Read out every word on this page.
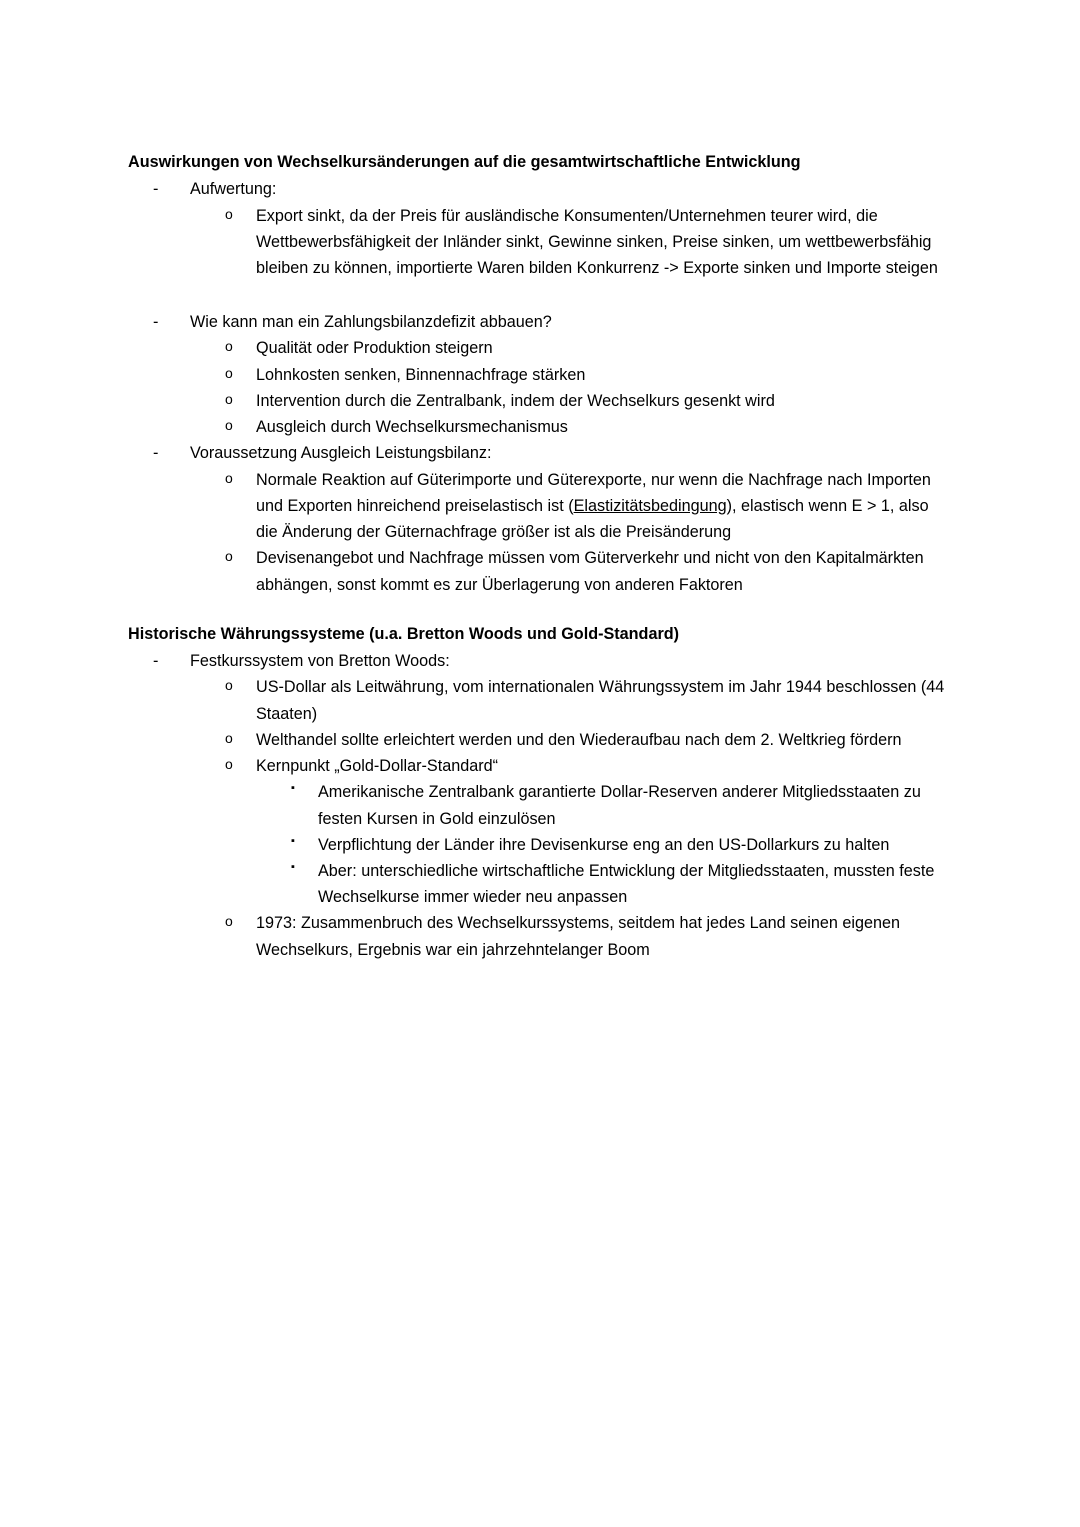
Auswirkungen von Wechselkursänderungen auf die gesamtwirtschaftliche Entwicklung
- Aufwertung:
o Export sinkt, da der Preis für ausländische Konsumenten/Unternehmen teurer wird, die Wettbewerbsfähigkeit der Inländer sinkt, Gewinne sinken, Preise sinken, um wettbewerbsfähig bleiben zu können, importierte Waren bilden Konkurrenz -> Exporte sinken und Importe steigen
- Wie kann man ein Zahlungsbilanzdefizit abbauen?
o Qualität oder Produktion steigern
o Lohnkosten senken, Binnennachfrage stärken
o Intervention durch die Zentralbank, indem der Wechselkurs gesenkt wird
o Ausgleich durch Wechselkursmechanismus
- Voraussetzung Ausgleich Leistungsbilanz:
o Normale Reaktion auf Güterimporte und Güterexporte, nur wenn die Nachfrage nach Importen und Exporten hinreichend preiselastisch ist (Elastizitätsbedingung), elastisch wenn E > 1, also die Änderung der Güternachfrage größer ist als die Preisänderung
o Devisenangebot und Nachfrage müssen vom Güterverkehr und nicht von den Kapitalmärkten abhängen, sonst kommt es zur Überlagerung von anderen Faktoren
Historische Währungssysteme (u.a. Bretton Woods und Gold-Standard)
- Festkurssystem von Bretton Woods:
o US-Dollar als Leitwährung, vom internationalen Währungssystem im Jahr 1944 beschlossen (44 Staaten)
o Welthandel sollte erleichtert werden und den Wiederaufbau nach dem 2. Weltkrieg fördern
o Kernpunkt „Gold-Dollar-Standard“
▪ Amerikanische Zentralbank garantierte Dollar-Reserven anderer Mitgliedsstaaten zu festen Kursen in Gold einzulösen
▪ Verpflichtung der Länder ihre Devisenkurse eng an den US-Dollarkurs zu halten
▪ Aber: unterschiedliche wirtschaftliche Entwicklung der Mitgliedsstaaten, mussten feste Wechselkurse immer wieder neu anpassen
o 1973: Zusammenbruch des Wechselkurssystems, seitdem hat jedes Land seinen eigenen Wechselkurs, Ergebnis war ein jahrzehntelanger Boom
